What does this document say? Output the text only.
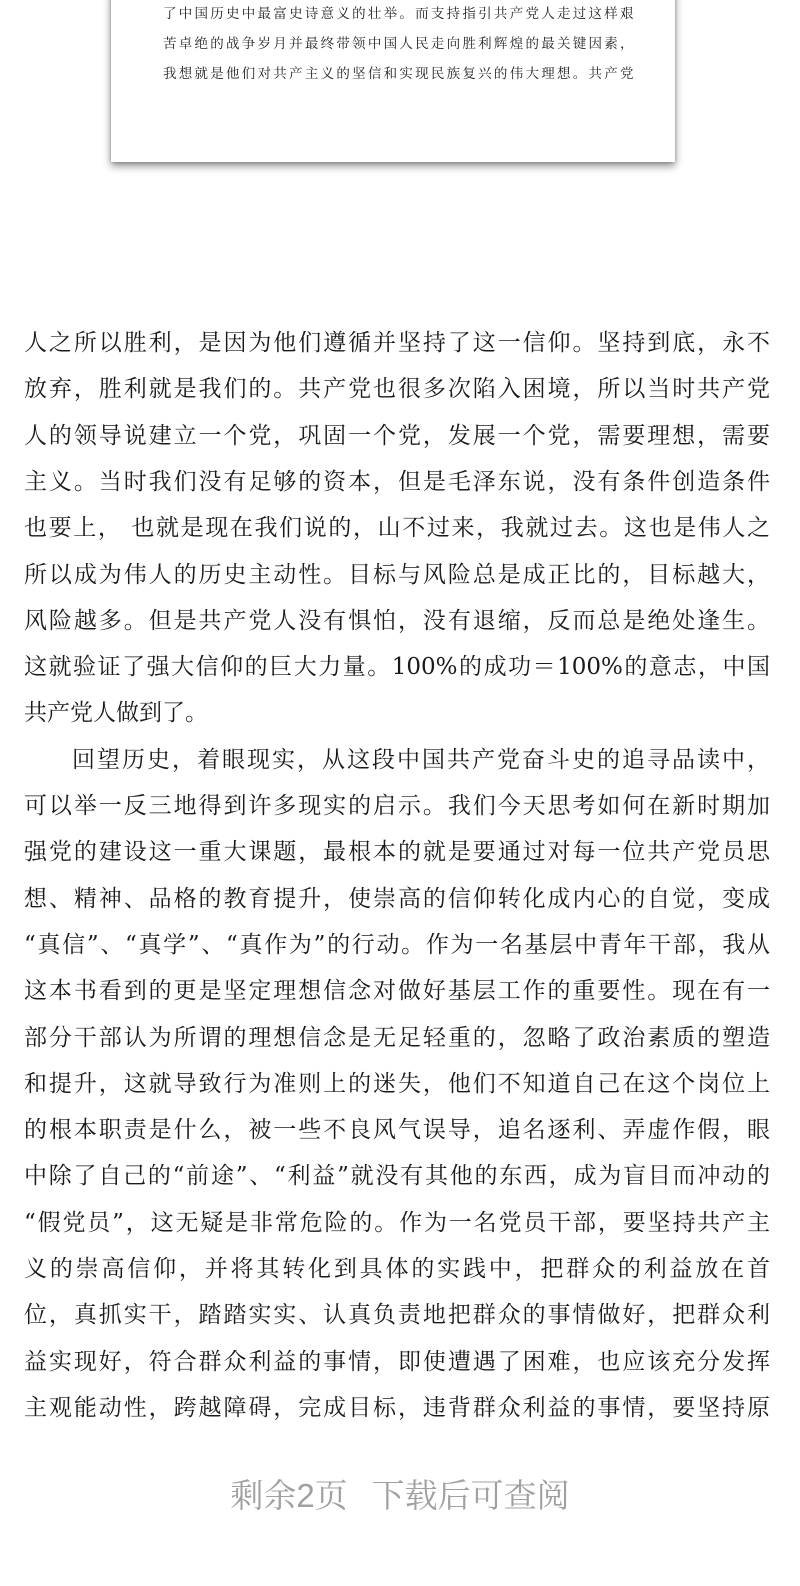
了中国历史中最富史诗意义的壮举。而支持指引共产党人走过这样艰
苦卓绝的战争岁月并最终带领中国人民走向胜利辉煌的最关键因素，
我想就是他们对共产主义的坚信和实现民族复兴的伟大理想。共产党
人之所以胜利，是因为他们遵循并坚持了这一信仰。坚持到底，永不
放弃，胜利就是我们的。共产党也很多次陷入困境，所以当时共产党
人的领导说建立一个党，巩固一个党，发展一个党，需要理想，需要
主义。当时我们没有足够的资本，但是毛泽东说，没有条件创造条件
也要上， 也就是现在我们说的，山不过来，我就过去。这也是伟人之
所以成为伟人的历史主动性。目标与风险总是成正比的，目标越大，
风险越多。但是共产党人没有惧怕，没有退缩，反而总是绝处逢生。
这就验证了强大信仰的巨大力量。100%的成功＝100%的意志，中国
共产党人做到了。
回望历史，着眼现实，从这段中国共产党奋斗史的追寻品读中，
可以举一反三地得到许多现实的启示。我们今天思考如何在新时期加
强党的建设这一重大课题，最根本的就是要通过对每一位共产党员思
想、精神、品格的教育提升，使崇高的信仰转化成内心的自觉，变成
“真信”、“真学”、“真作为”的行动。作为一名基层中青年干部，我从
这本书看到的更是坚定理想信念对做好基层工作的重要性。现在有一
部分干部认为所谓的理想信念是无足轻重的，忽略了政治素质的塑造
和提升，这就导致行为准则上的迷失，他们不知道自己在这个岗位上
的根本职责是什么，被一些不良风气误导，追名逐利、弄虚作假，眼
中除了自己的“前途”、“利益”就没有其他的东西，成为盲目而冲动的
“假党员”，这无疑是非常危险的。作为一名党员干部，要坚持共产主
义的崇高信仰，并将其转化到具体的实践中，把群众的利益放在首
位，真抓实干，踏踏实实、认真负责地把群众的事情做好，把群众利
益实现好，符合群众利益的事情，即使遭遇了困难，也应该充分发挥
主观能动性，跨越障碍，完成目标，违背群众利益的事情，要坚持原
剩余2页 下载后可查阅
